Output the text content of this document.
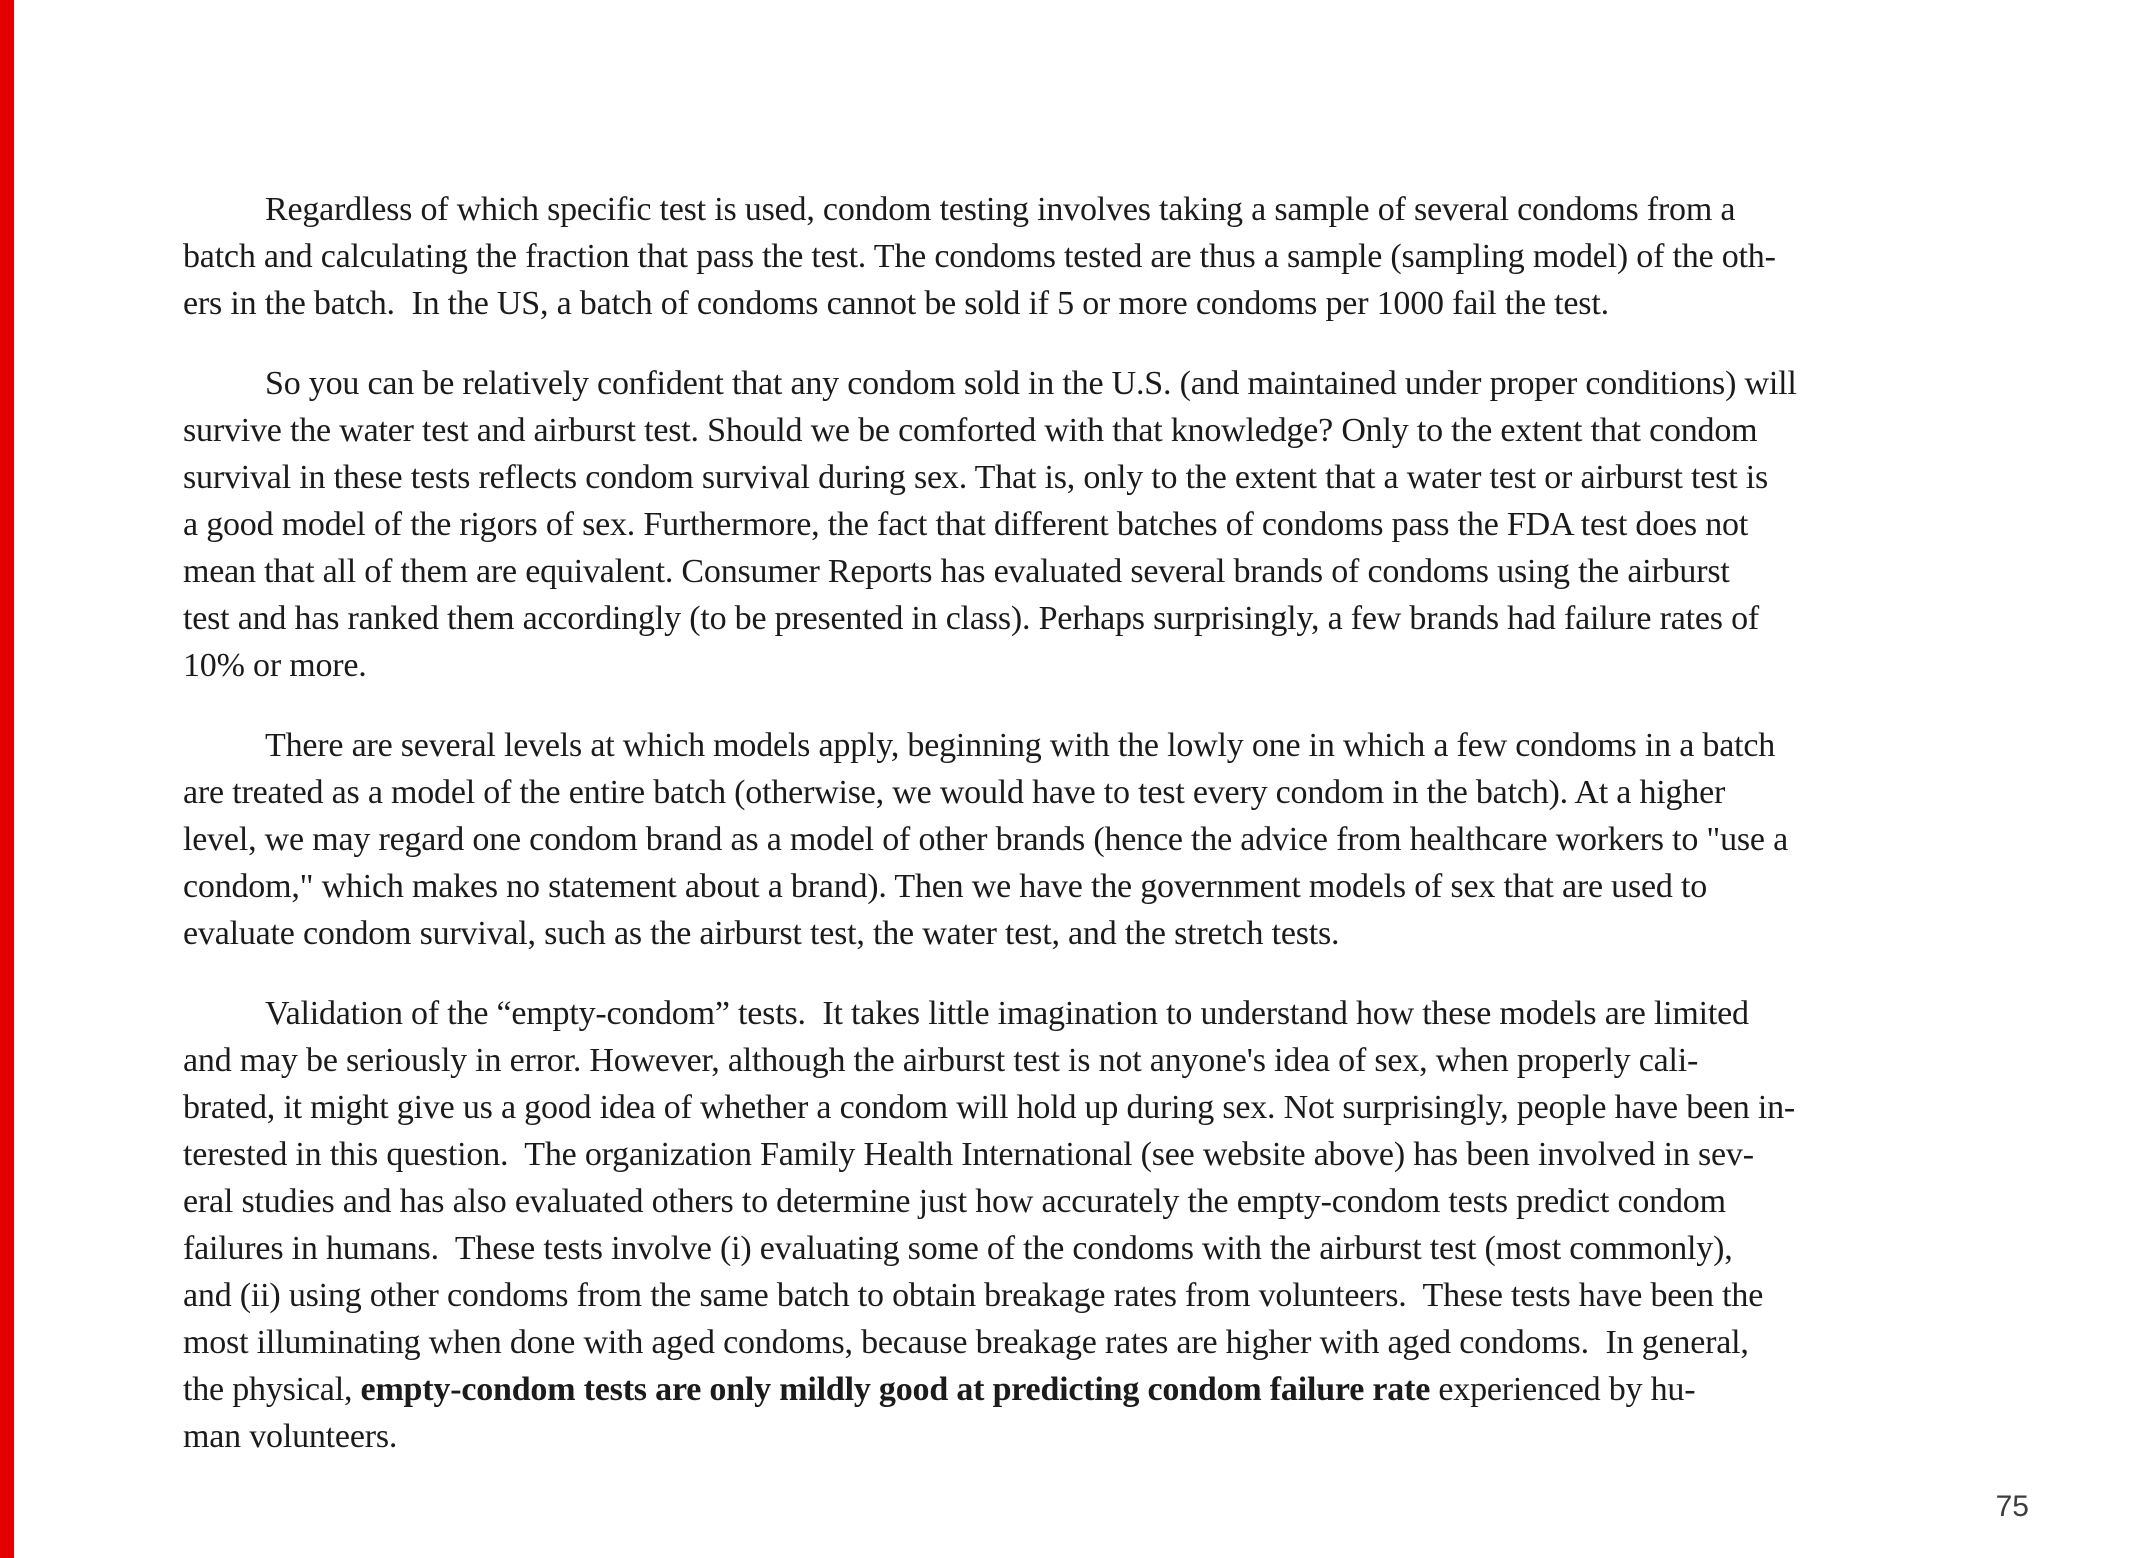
Regardless of which specific test is used, condom testing involves taking a sample of several condoms from a
batch and calculating the fraction that pass the test. The condoms tested are thus a sample (sampling model) of the oth-
ers in the batch.  In the US, a batch of condoms cannot be sold if 5 or more condoms per 1000 fail the test.
So you can be relatively confident that any condom sold in the U.S. (and maintained under proper conditions) will
survive the water test and airburst test. Should we be comforted with that knowledge? Only to the extent that condom
survival in these tests reflects condom survival during sex. That is, only to the extent that a water test or airburst test is
a good model of the rigors of sex. Furthermore, the fact that different batches of condoms pass the FDA test does not
mean that all of them are equivalent. Consumer Reports has evaluated several brands of condoms using the airburst
test and has ranked them accordingly (to be presented in class). Perhaps surprisingly, a few brands had failure rates of
10% or more.
There are several levels at which models apply, beginning with the lowly one in which a few condoms in a batch
are treated as a model of the entire batch (otherwise, we would have to test every condom in the batch). At a higher
level, we may regard one condom brand as a model of other brands (hence the advice from healthcare workers to "use a
condom," which makes no statement about a brand). Then we have the government models of sex that are used to
evaluate condom survival, such as the airburst test, the water test, and the stretch tests.
Validation of the “empty-condom” tests.  It takes little imagination to understand how these models are limited
and may be seriously in error. However, although the airburst test is not anyone's idea of sex, when properly cali-
brated, it might give us a good idea of whether a condom will hold up during sex. Not surprisingly, people have been in-
terested in this question.  The organization Family Health International (see website above) has been involved in sev-
eral studies and has also evaluated others to determine just how accurately the empty-condom tests predict condom
failures in humans.  These tests involve (i) evaluating some of the condoms with the airburst test (most commonly),
and (ii) using other condoms from the same batch to obtain breakage rates from volunteers.  These tests have been the
most illuminating when done with aged condoms, because breakage rates are higher with aged condoms.  In general,
the physical, empty-condom tests are only mildly good at predicting condom failure rate experienced by hu-
man volunteers.
75
